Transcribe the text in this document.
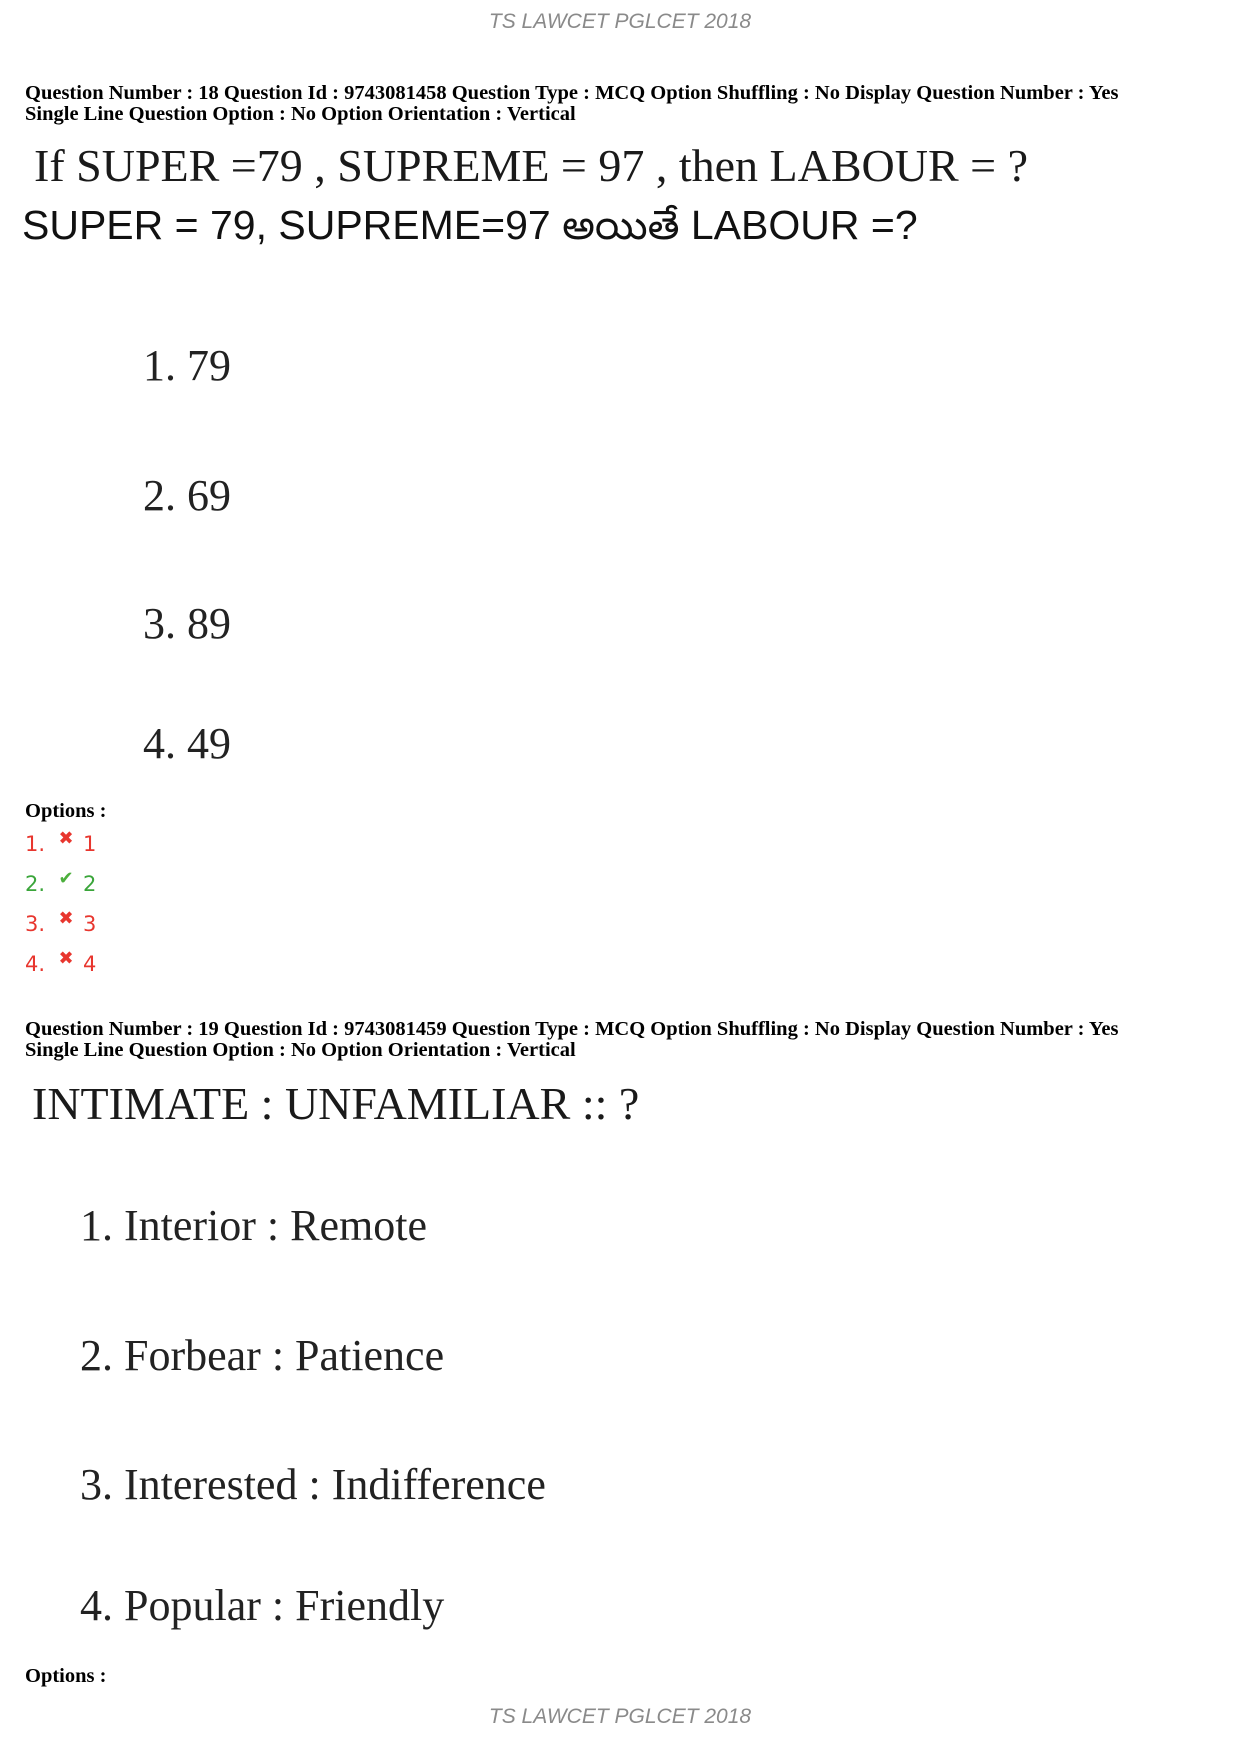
TS LAWCET PGLCET 2018
Question Number : 18 Question Id : 9743081458 Question Type : MCQ Option Shuffling : No Display Question Number : Yes
Single Line Question Option : No Option Orientation : Vertical
If SUPER =79 , SUPREME = 97 , then LABOUR = ?
SUPER = 79, SUPREME=97 అయితే LABOUR =?
1. 79
2. 69
3. 89
4. 49
Options :
1. ✖ 1
2. ✔ 2
3. ✖ 3
4. ✖ 4
Question Number : 19 Question Id : 9743081459 Question Type : MCQ Option Shuffling : No Display Question Number : Yes
Single Line Question Option : No Option Orientation : Vertical
INTIMATE : UNFAMILIAR :: ?
1. Interior : Remote
2. Forbear : Patience
3. Interested : Indifference
4. Popular : Friendly
Options :
TS LAWCET PGLCET 2018
